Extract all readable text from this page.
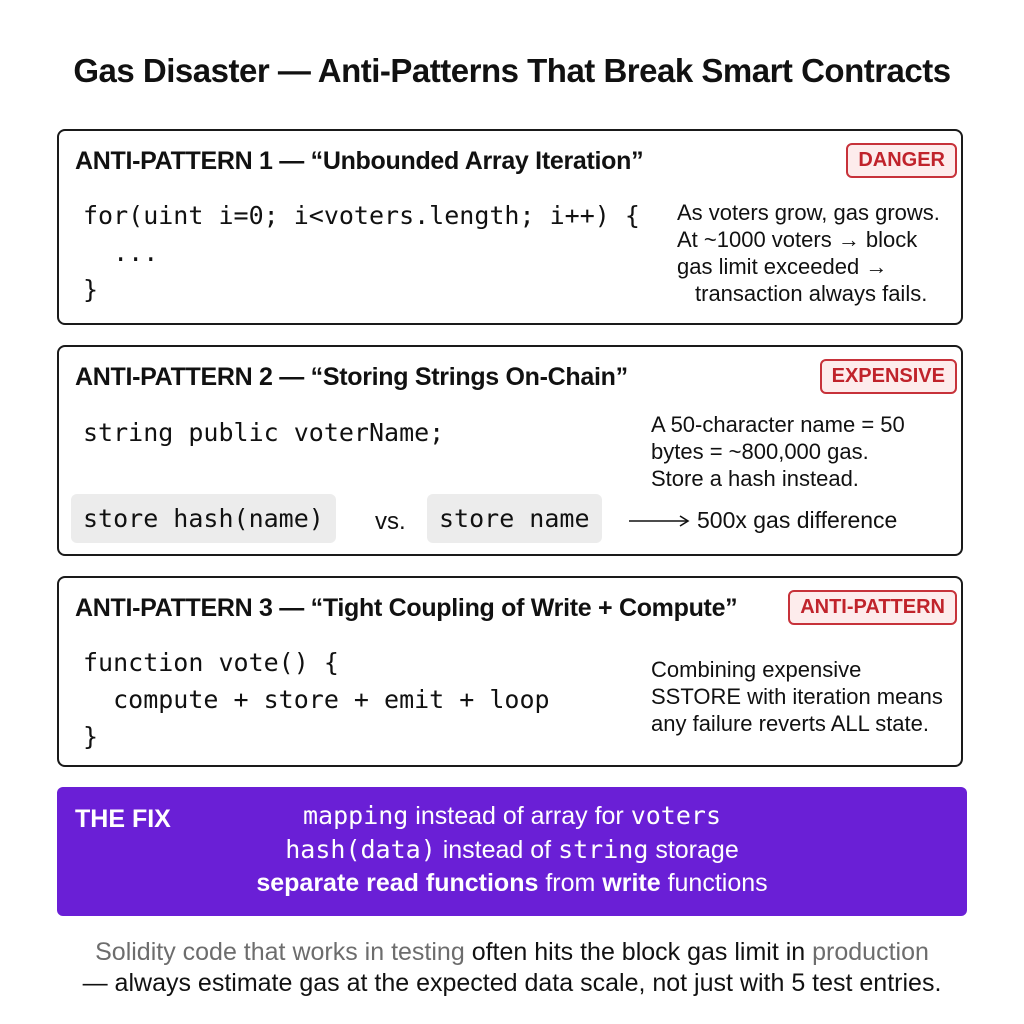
Gas Disaster — Anti-Patterns That Break Smart Contracts
ANTI-PATTERN 1 — “Unbounded Array Iteration”	DANGER
for(uint i=0; i<voters.length; i++) {
...
}
As voters grow, gas grows.
At ~1000 voters → block
gas limit exceeded →
transaction always fails.
ANTI-PATTERN 2 — “Storing Strings On-Chain”	EXPENSIVE
string public voterName;	A 50-character name = 50
bytes = ~800,000 gas.
Store a hash instead.
store hash(name)	vs.	store name	500x gas difference
ANTI-PATTERN 3 — “Tight Coupling of Write + Compute”	ANTI-PATTERN
function vote() {
compute + store + emit + loop
}
Combining expensive
SSTORE with iteration means
any failure reverts ALL state.
THE FIX	mapping instead of array for voters
hash(data) instead of string storage
separate read functions from write functions
Solidity code that works in testing often hits the block gas limit in production
— always estimate gas at the expected data scale, not just with 5 test entries.
